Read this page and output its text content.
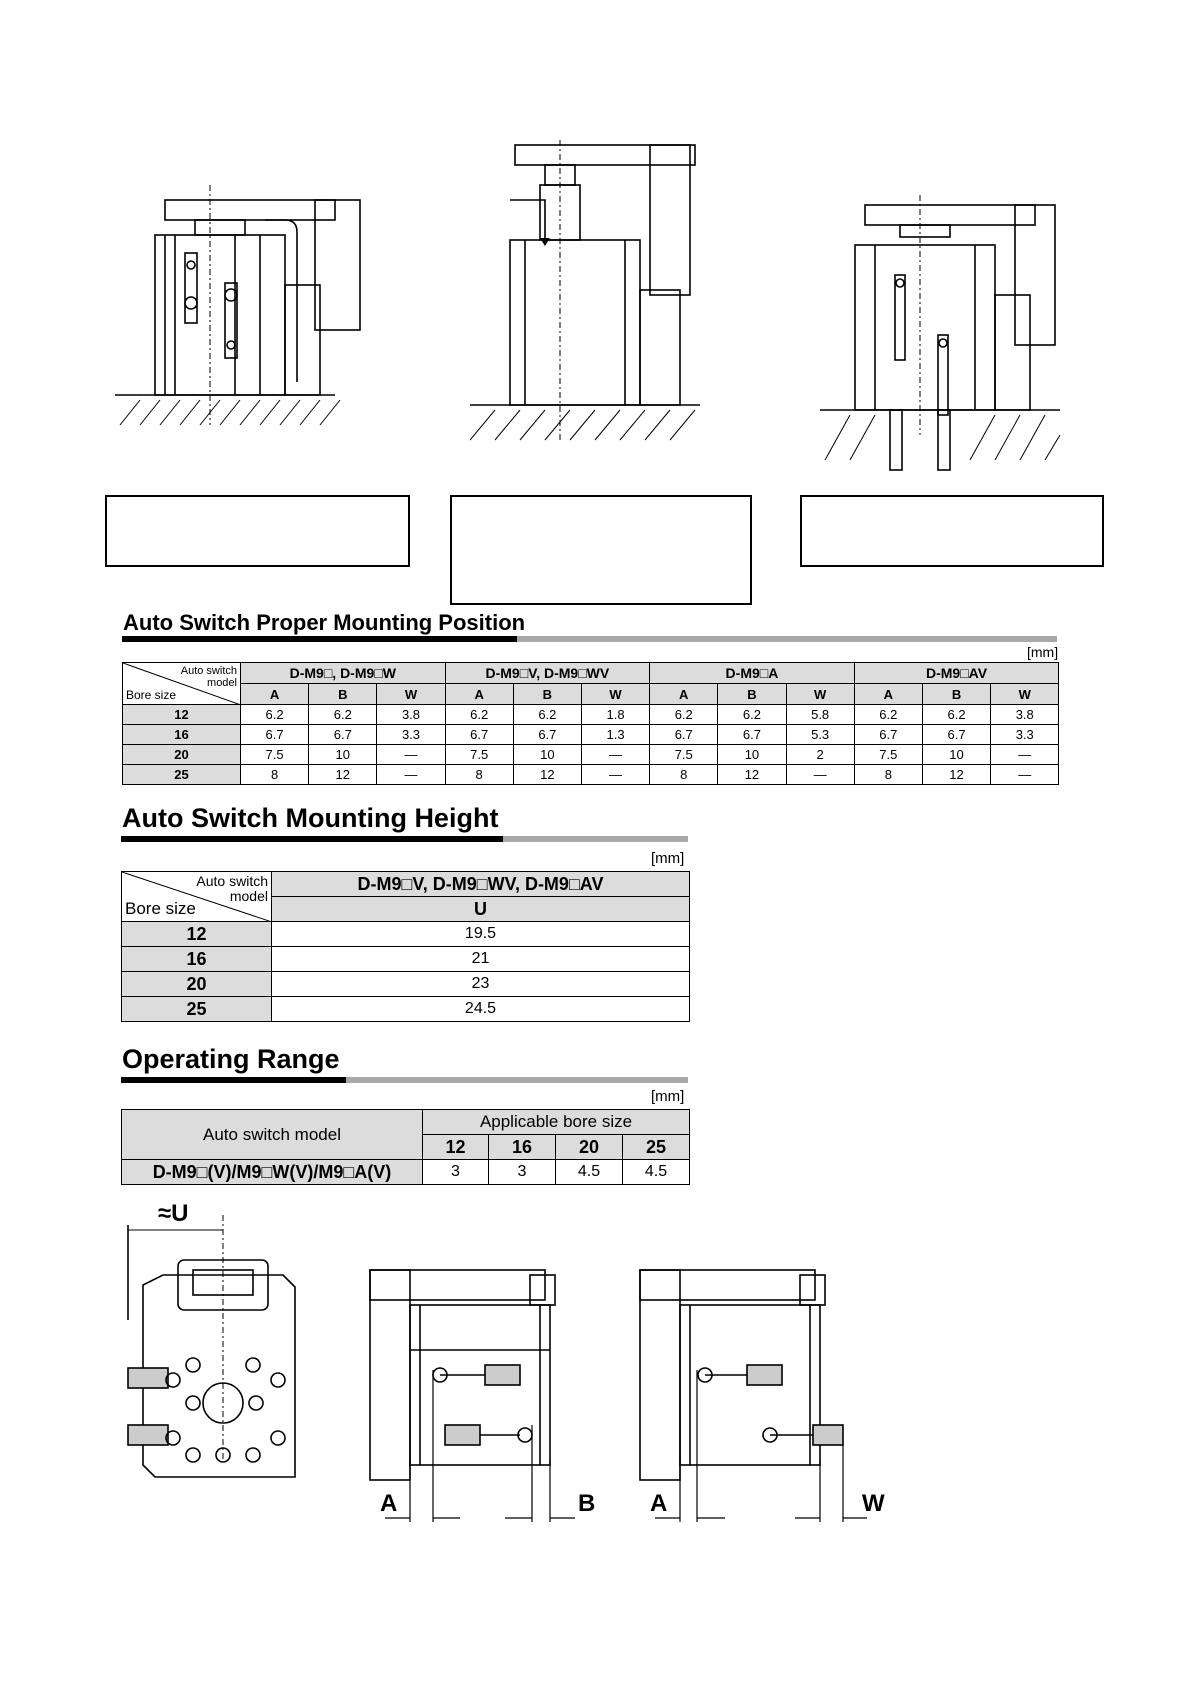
Auto Switch Proper Mounting Position
[mm]
Auto switch
model
Bore size	D-M9□, D-M9□W			D-M9□V, D-M9□WV			D-M9□A			D-M9□AV		
	A	B	W	A	B	W	A	B	W	A	B	W
12	6.2	6.2	3.8	6.2	6.2	1.8	6.2	6.2	5.8	6.2	6.2	3.8
16	6.7	6.7	3.3	6.7	6.7	1.3	6.7	6.7	5.3	6.7	6.7	3.3
20	7.5	10	—	7.5	10	—	7.5	10	2	7.5	10	—
25	8	12	—	8	12	—	8	12	—	8	12	—
Auto Switch Mounting Height
[mm]
Auto switch
model
Bore size	D-M9□V, D-M9□WV, D-M9□AV
	U
12	19.5
16	21
20	23
25	24.5
Operating Range
[mm]
Auto switch model	Applicable bore size			
	12	16	20	25
D-M9□(V)/M9□W(V)/M9□A(V)	3	3	4.5	4.5
≈U
A	B A	W
